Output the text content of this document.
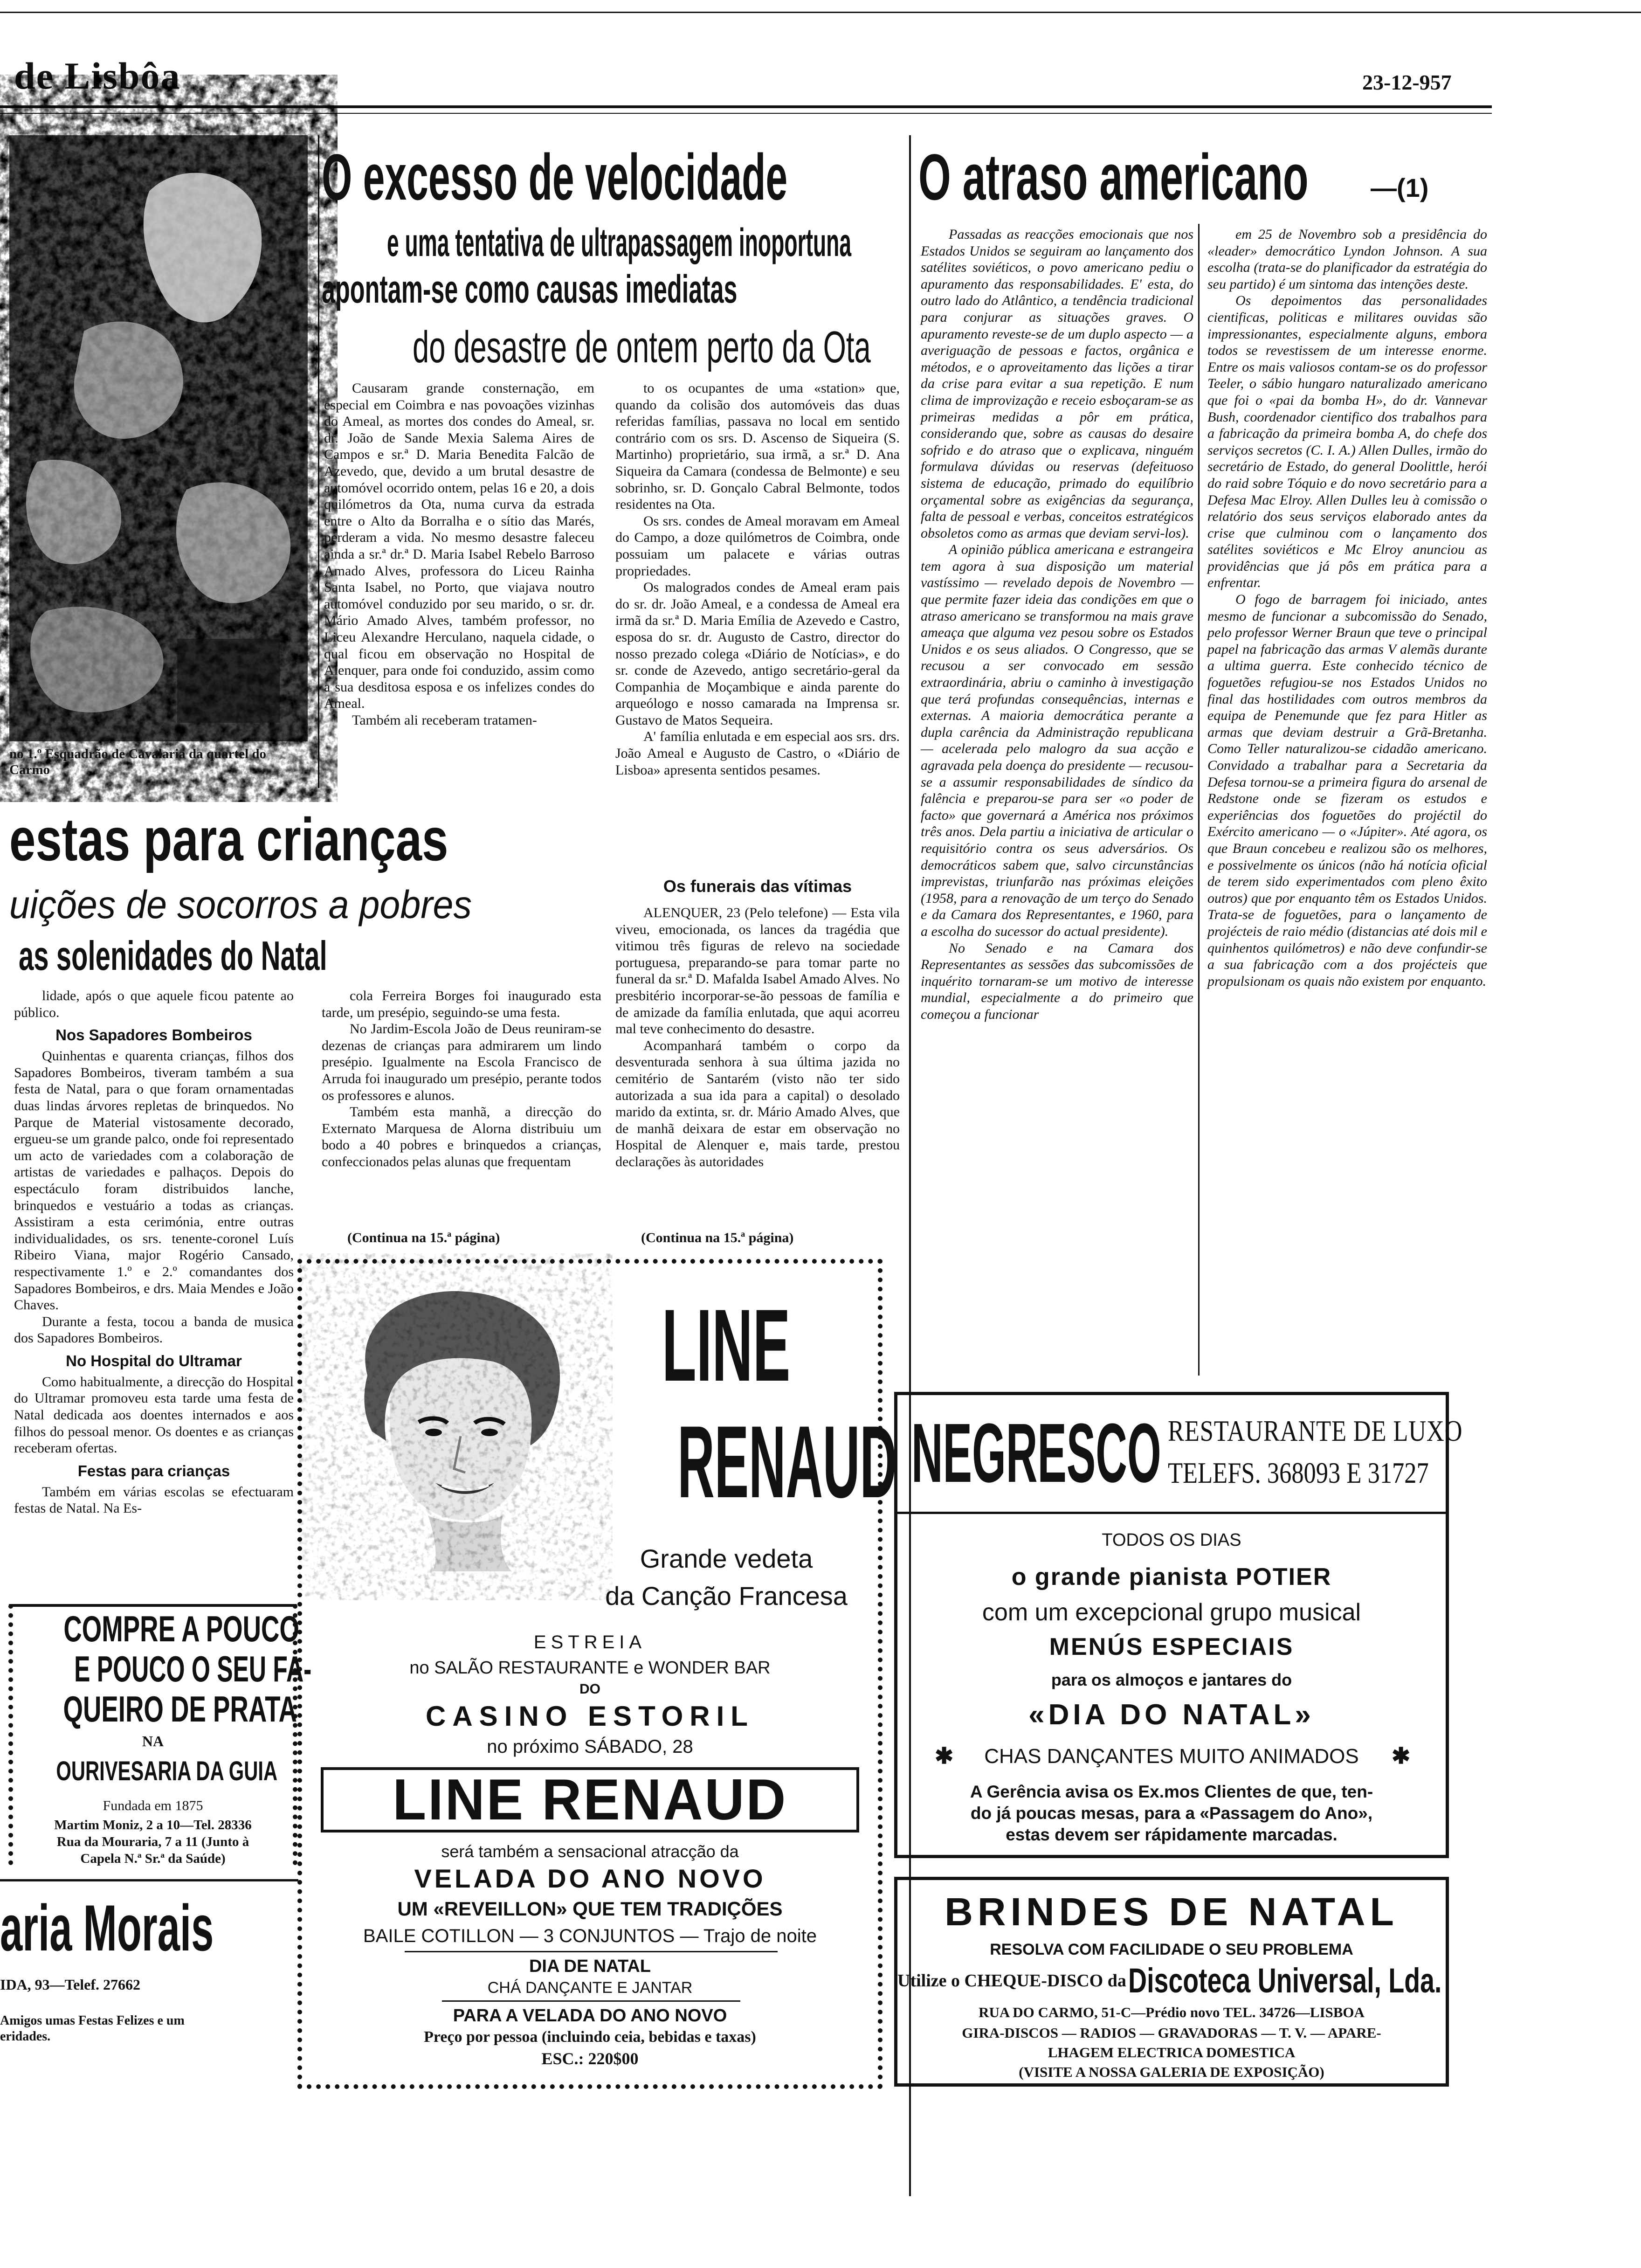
de Lisbôa	23-12-957
no 1.º Esquadrão de Cavalaria da quartel do Carmo
O excesso de velocidade
e uma tentativa de ultrapassagem inoportuna
apontam-se como causas imediatas
do desastre de ontem perto da Ota

Causaram grande consternação, em especial em Coimbra e nas povoações vizinhas do Ameal, as mortes dos condes do Ameal, sr. dr. João de Sande Mexia Salema Aires de Campos e sr.ª D. Maria Benedita Falcão de Azevedo, que, devido a um brutal desastre de automóvel ocorrido ontem, pelas 16 e 20, a dois quilómetros da Ota, numa curva da estrada entre o Alto da Borralha e o sítio das Marés, perderam a vida. No mesmo desastre faleceu ainda a sr.ª dr.ª D. Maria Isabel Rebelo Barroso Amado Alves, professora do Liceu Rainha Santa Isabel, no Porto, que viajava noutro automóvel conduzido por seu marido, o sr. dr. Mário Amado Alves, também professor, no Liceu Alexandre Herculano, naquela cidade, o qual ficou em observação no Hospital de Alenquer, para onde foi conduzido, assim como a sua desditosa esposa e os infelizes condes do Ameal.

Também ali receberam tratamen-

to os ocupantes de uma «station» que, quando da colisão dos automóveis das duas referidas famílias, passava no local em sentido contrário com os srs. D. Ascenso de Siqueira (S. Martinho) proprietário, sua irmã, a sr.ª D. Ana Siqueira da Camara (condessa de Belmonte) e seu sobrinho, sr. D. Gonçalo Cabral Belmonte, todos residentes na Ota.

Os srs. condes de Ameal moravam em Ameal do Campo, a doze quilómetros de Coimbra, onde possuiam um palacete e várias outras propriedades.

Os malogrados condes de Ameal eram pais do sr. dr. João Ameal, e a condessa de Ameal era irmã da sr.ª D. Maria Emília de Azevedo e Castro, esposa do sr. dr. Augusto de Castro, director do nosso prezado colega «Diário de Notícias», e do sr. conde de Azevedo, antigo secretário-geral da Companhia de Moçambique e ainda parente do arqueólogo e nosso camarada na Imprensa sr. Gustavo de Matos Sequeira.

A' família enlutada e em especial aos srs. drs. João Ameal e Augusto de Castro, o «Diário de Lisboa» apresenta sentidos pesames.

Os funerais das vítimas

ALENQUER, 23 (Pelo telefone) — Esta vila viveu, emocionada, os lances da tragédia que vitimou três figuras de relevo na sociedade portuguesa, preparando-se para tomar parte no funeral da sr.ª D. Mafalda Isabel Amado Alves. No presbitério incorporar-se-ão pessoas de família e de amizade da família enlutada, que aqui acorreu mal teve conhecimento do desastre.

Acompanhará também o corpo da desventurada senhora à sua última jazida no cemitério de Santarém (visto não ter sido autorizada a sua ida para a capital) o desolado marido da extinta, sr. dr. Mário Amado Alves, que de manhã deixara de estar em observação no Hospital de Alenquer e, mais tarde, prestou declarações às autoridades

(Continua na 15.ª página)
estas para crianças
uições de socorros a pobres
as solenidades do Natal

lidade, após o que aquele ficou patente ao público.

Nos Sapadores Bombeiros

Quinhentas e quarenta crianças, filhos dos Sapadores Bombeiros, tiveram também a sua festa de Natal, para o que foram ornamentadas duas lindas árvores repletas de brinquedos. No Parque de Material vistosamente decorado, ergueu-se um grande palco, onde foi representado um acto de variedades com a colaboração de artistas de variedades e palhaços. Depois do espectáculo foram distribuidos lanche, brinquedos e vestuário a todas as crianças. Assistiram a esta cerimónia, entre outras individualidades, os srs. tenente-coronel Luís Ribeiro Viana, major Rogério Cansado, respectivamente 1.º e 2.º comandantes dos Sapadores Bombeiros, e drs. Maia Mendes e João Chaves.

Durante a festa, tocou a banda de musica dos Sapadores Bombeiros.

No Hospital do Ultramar

Como habitualmente, a direcção do Hospital do Ultramar promoveu esta tarde uma festa de Natal dedicada aos doentes internados e aos filhos do pessoal menor. Os doentes e as crianças receberam ofertas.

Festas para crianças

Também em várias escolas se efectuaram festas de Natal. Na Es-

cola Ferreira Borges foi inaugurado esta tarde, um presépio, seguindo-se uma festa.

No Jardim-Escola João de Deus reuniram-se dezenas de crianças para admirarem um lindo presépio. Igualmente na Escola Francisco de Arruda foi inaugurado um presépio, perante todos os professores e alunos.

Também esta manhã, a direcção do Externato Marquesa de Alorna distribuiu um bodo a 40 pobres e brinquedos a crianças, confeccionados pelas alunas que frequentam

(Continua na 15.ª página)
O atraso americano	—(1)

Passadas as reacções emocionais que nos Estados Unidos se seguiram ao lançamento dos satélites soviéticos, o povo americano pediu o apuramento das responsabilidades. E' esta, do outro lado do Atlântico, a tendência tradicional para conjurar as situações graves. O apuramento reveste-se de um duplo aspecto — a averiguação de pessoas e factos, orgânica e métodos, e o aproveitamento das lições a tirar da crise para evitar a sua repetição. E num clima de improvização e receio esboçaram-se as primeiras medidas a pôr em prática, considerando que, sobre as causas do desaire sofrido e do atraso que o explicava, ninguém formulava dúvidas ou reservas (defeituoso sistema de educação, primado do equilíbrio orçamental sobre as exigências da segurança, falta de pessoal e verbas, conceitos estratégicos obsoletos como as armas que deviam servi-los).

A opinião pública americana e estrangeira tem agora à sua disposição um material vastíssimo — revelado depois de Novembro — que permite fazer ideia das condições em que o atraso americano se transformou na mais grave ameaça que alguma vez pesou sobre os Estados Unidos e os seus aliados. O Congresso, que se recusou a ser convocado em sessão extraordinária, abriu o caminho à investigação que terá profundas consequências, internas e externas. A maioria democrática perante a dupla carência da Administração republicana — acelerada pelo malogro da sua acção e agravada pela doença do presidente — recusou-se a assumir responsabilidades de síndico da falência e preparou-se para ser «o poder de facto» que governará a América nos próximos três anos. Dela partiu a iniciativa de articular o requisitório contra os seus adversários. Os democráticos sabem que, salvo circunstâncias imprevistas, triunfarão nas próximas eleições (1958, para a renovação de um terço do Senado e da Camara dos Representantes, e 1960, para a escolha do sucessor do actual presidente).

No Senado e na Camara dos Representantes as sessões das subcomissões de inquérito tornaram-se um motivo de interesse mundial, especialmente a do primeiro que começou a funcionar

em 25 de Novembro sob a presidência do «leader» democrático Lyndon Johnson. A sua escolha (trata-se do planificador da estratégia do seu partido) é um sintoma das intenções deste.

Os depoimentos das personalidades cientificas, politicas e militares ouvidas são impressionantes, especialmente alguns, embora todos se revestissem de um interesse enorme. Entre os mais valiosos contam-se os do professor Teeler, o sábio hungaro naturalizado americano que foi o «pai da bomba H», do dr. Vannevar Bush, coordenador cientifico dos trabalhos para a fabricação da primeira bomba A, do chefe dos serviços secretos (C. I. A.) Allen Dulles, irmão do secretário de Estado, do general Doolittle, herói do raid sobre Tóquio e do novo secretário para a Defesa Mac Elroy. Allen Dulles leu à comissão o relatório dos seus serviços elaborado antes da crise que culminou com o lançamento dos satélites soviéticos e Mc Elroy anunciou as providências que já pôs em prática para a enfrentar.

O fogo de barragem foi iniciado, antes mesmo de funcionar a subcomissão do Senado, pelo professor Werner Braun que teve o principal papel na fabricação das armas V alemãs durante a ultima guerra. Este conhecido técnico de foguetões refugiou-se nos Estados Unidos no final das hostilidades com outros membros da equipa de Penemunde que fez para Hitler as armas que deviam destruir a Grã-Bretanha. Como Teller naturalizou-se cidadão americano. Convidado a trabalhar para a Secretaria da Defesa tornou-se a primeira figura do arsenal de Redstone onde se fizeram os estudos e experiências dos foguetões do projéctil do Exército americano — o «Júpiter». Até agora, os que Braun concebeu e realizou são os melhores, e possivelmente os únicos (não há notícia oficial de terem sido experimentados com pleno êxito outros) que por enquanto têm os Estados Unidos. Trata-se de foguetões, para o lançamento de projécteis de raio médio (distancias até dois mil e quinhentos quilómetros) e não deve confundir-se a sua fabricação com a dos projécteis que propulsionam os quais não existem por enquanto.

COMPRE A POUCO
E POUCO O SEU FA-
QUEIRO DE PRATA
NA
OURIVESARIA DA GUIA
Fundada em 1875
Martim Moniz, 2 a 10—Tel. 28336
Rua da Mouraria, 7 a 11 (Junto à
Capela N.ª Sr.ª da Saúde)
aria Morais
IDA, 93—Telef. 27662
Amigos umas Festas Felizes e um
eridades.
LINE
RENAUD
Grande vedeta
da Canção Francesa
ESTREIA
no SALÃO RESTAURANTE e WONDER BAR
DO
CASINO ESTORIL
no próximo SÁBADO, 28
LINE RENAUD
será também a sensacional atracção da
VELADA DO ANO NOVO
UM «REVEILLON» QUE TEM TRADIÇÕES
BAILE COTILLON — 3 CONJUNTOS — Trajo de noite
DIA DE NATAL
CHÁ DANÇANTE E JANTAR
PARA A VELADA DO ANO NOVO
Preço por pessoa (incluindo ceia, bebidas e taxas)
ESC.: 220$00
NEGRESCO RESTAURANTE DE LUXO
TELEFS. 368093 E 31727
TODOS OS DIAS
o grande pianista POTIER
com um excepcional grupo musical
MENÚS ESPECIAIS
para os almoços e jantares do
«DIA DO NATAL»
✱	✱
CHAS DANÇANTES MUITO ANIMADOS
A Gerência avisa os Ex.mos Clientes de que, ten-
do já poucas mesas, para a «Passagem do Ano»,
estas devem ser rápidamente marcadas.
BRINDES DE NATAL
RESOLVA COM FACILIDADE O SEU PROBLEMA
Utilize o CHEQUE-DISCO da Discoteca Universal, Lda.
RUA DO CARMO, 51-C—Prédio novo TEL. 34726—LISBOA
GIRA-DISCOS — RADIOS — GRAVADORAS — T. V. — APARE-
LHAGEM ELECTRICA DOMESTICA
(VISITE A NOSSA GALERIA DE EXPOSIÇÃO)
